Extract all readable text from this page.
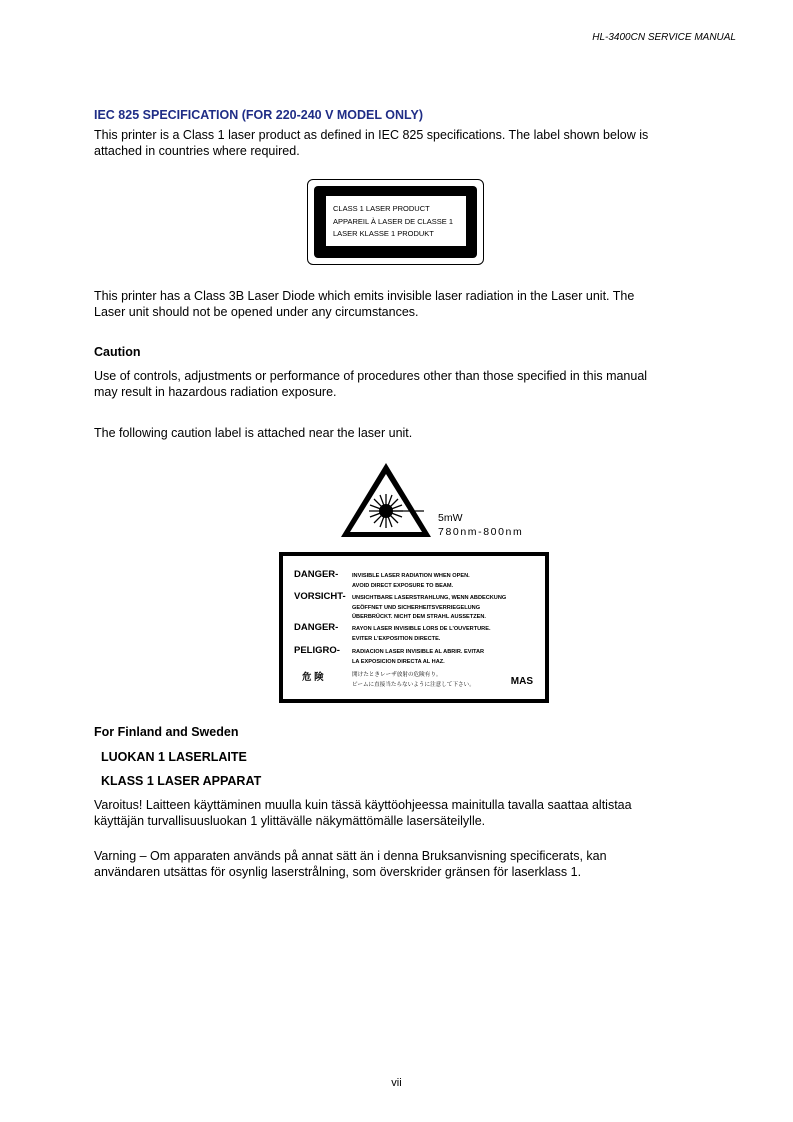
HL-3400CN SERVICE MANUAL
IEC 825 SPECIFICATION (FOR 220-240 V MODEL ONLY)
This printer is a Class 1 laser product as defined in IEC 825 specifications. The label shown below is
attached in countries where required.
CLASS 1 LASER PRODUCT
APPAREIL À LASER DE CLASSE 1
LASER KLASSE 1 PRODUKT
This printer has a Class 3B Laser Diode which emits invisible laser radiation in the Laser unit. The
Laser unit should not be opened under any circumstances.
Caution
Use of controls, adjustments or performance of procedures other than those specified in this manual
may result in hazardous radiation exposure.
The following caution label is attached near the laser unit.
5mW
780nm-800nm
DANGER- INVISIBLE LASER RADIATION WHEN OPEN.
AVOID DIRECT EXPOSURE TO BEAM.
VORSICHT- UNSICHTBARE LASERSTRAHLUNG, WENN ABDECKUNG
GEÖFFNET UND SICHERHEITSVERRIEGELUNG
ÜBERBRÜCKT. NICHT DEM STRAHL AUSSETZEN.
DANGER- RAYON LASER INVISIBLE LORS DE L'OUVERTURE.
EVITER L'EXPOSITION DIRECTE.
PELIGRO- RADIACION LASER INVISIBLE AL ABRIR. EVITAR
LA EXPOSICION DIRECTA AL HAZ.
危 険	開けたときレーザ放射の危険有り。
ビームに直接当たらないように注意して下さい。	MAS
For Finland and Sweden
LUOKAN 1 LASERLAITE
KLASS 1 LASER APPARAT
Varoitus! Laitteen käyttäminen muulla kuin tässä käyttöohjeessa mainitulla tavalla saattaa altistaa
käyttäjän turvallisuusluokan 1 ylittävälle näkymättömälle lasersäteilylle.
Varning – Om apparaten används på annat sätt än i denna Bruksanvisning specificerats, kan
användaren utsättas för osynlig laserstrålning, som överskrider gränsen för laserklass 1.
vii
